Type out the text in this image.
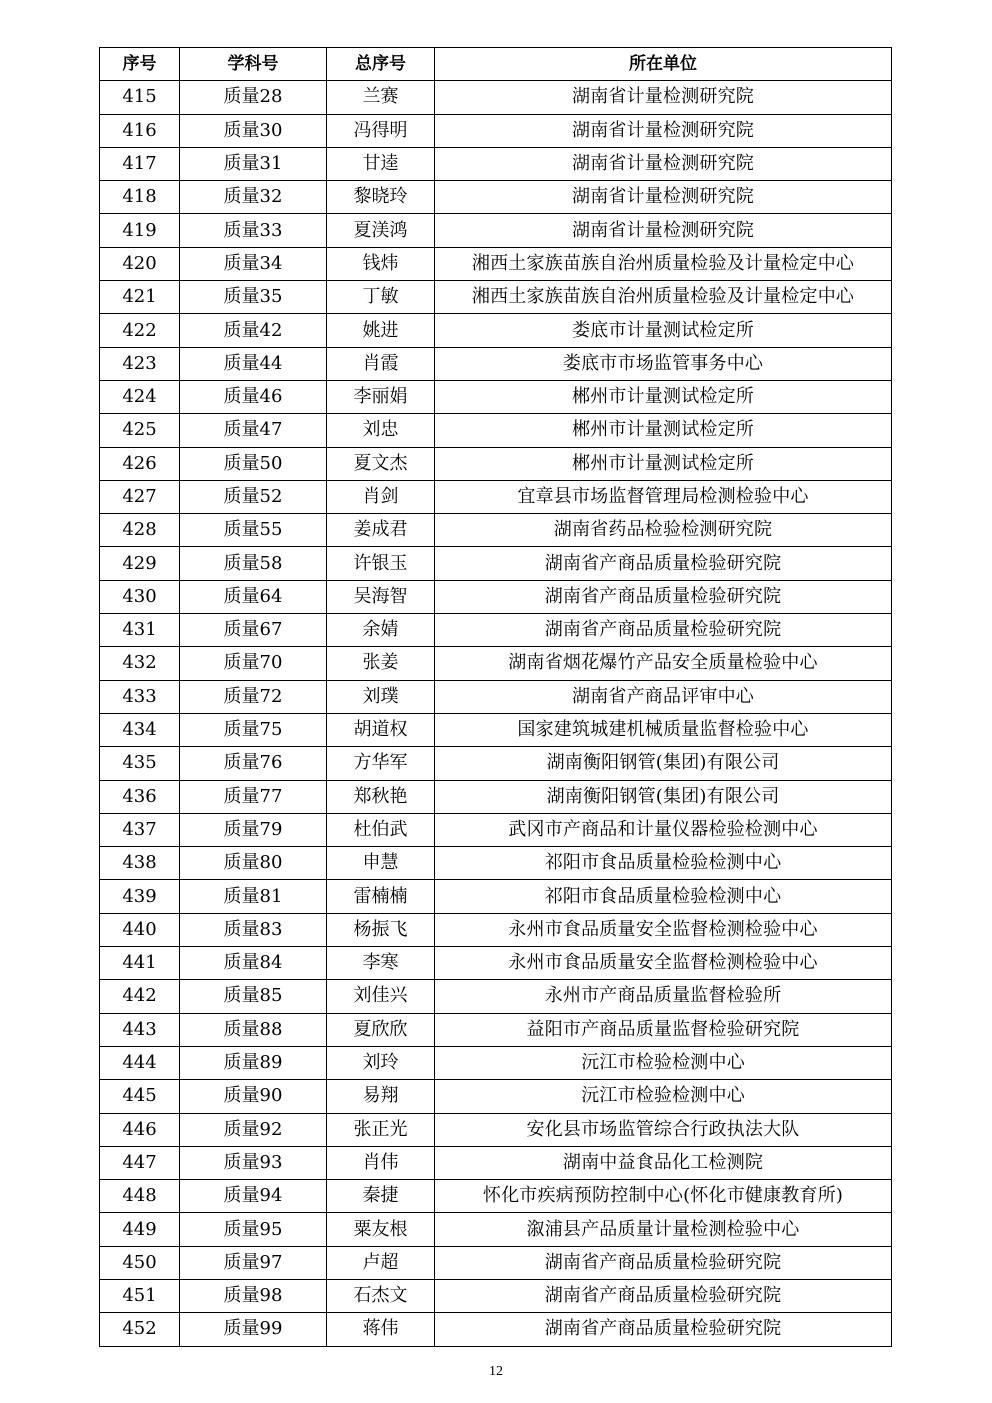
序号	学科号	总序号	所在单位
415	质量28	兰赛	湖南省计量检测研究院
416	质量30	冯得明	湖南省计量检测研究院
417	质量31	甘逵	湖南省计量检测研究院
418	质量32	黎晓玲	湖南省计量检测研究院
419	质量33	夏渼鸿	湖南省计量检测研究院
420	质量34	钱炜	湘西土家族苗族自治州质量检验及计量检定中心
421	质量35	丁敏	湘西土家族苗族自治州质量检验及计量检定中心
422	质量42	姚进	娄底市计量测试检定所
423	质量44	肖霞	娄底市市场监管事务中心
424	质量46	李丽娟	郴州市计量测试检定所
425	质量47	刘忠	郴州市计量测试检定所
426	质量50	夏文杰	郴州市计量测试检定所
427	质量52	肖剑	宜章县市场监督管理局检测检验中心
428	质量55	姜成君	湖南省药品检验检测研究院
429	质量58	许银玉	湖南省产商品质量检验研究院
430	质量64	吴海智	湖南省产商品质量检验研究院
431	质量67	余婧	湖南省产商品质量检验研究院
432	质量70	张姜	湖南省烟花爆竹产品安全质量检验中心
433	质量72	刘璞	湖南省产商品评审中心
434	质量75	胡道权	国家建筑城建机械质量监督检验中心
435	质量76	方华军	湖南衡阳钢管(集团)有限公司
436	质量77	郑秋艳	湖南衡阳钢管(集团)有限公司
437	质量79	杜伯武	武冈市产商品和计量仪器检验检测中心
438	质量80	申慧	祁阳市食品质量检验检测中心
439	质量81	雷楠楠	祁阳市食品质量检验检测中心
440	质量83	杨振飞	永州市食品质量安全监督检测检验中心
441	质量84	李寒	永州市食品质量安全监督检测检验中心
442	质量85	刘佳兴	永州市产商品质量监督检验所
443	质量88	夏欣欣	益阳市产商品质量监督检验研究院
444	质量89	刘玲	沅江市检验检测中心
445	质量90	易翔	沅江市检验检测中心
446	质量92	张正光	安化县市场监管综合行政执法大队
447	质量93	肖伟	湖南中益食品化工检测院
448	质量94	秦捷	怀化市疾病预防控制中心(怀化市健康教育所)
449	质量95	粟友根	溆浦县产品质量计量检测检验中心
450	质量97	卢超	湖南省产商品质量检验研究院
451	质量98	石杰文	湖南省产商品质量检验研究院
452	质量99	蒋伟	湖南省产商品质量检验研究院
12
